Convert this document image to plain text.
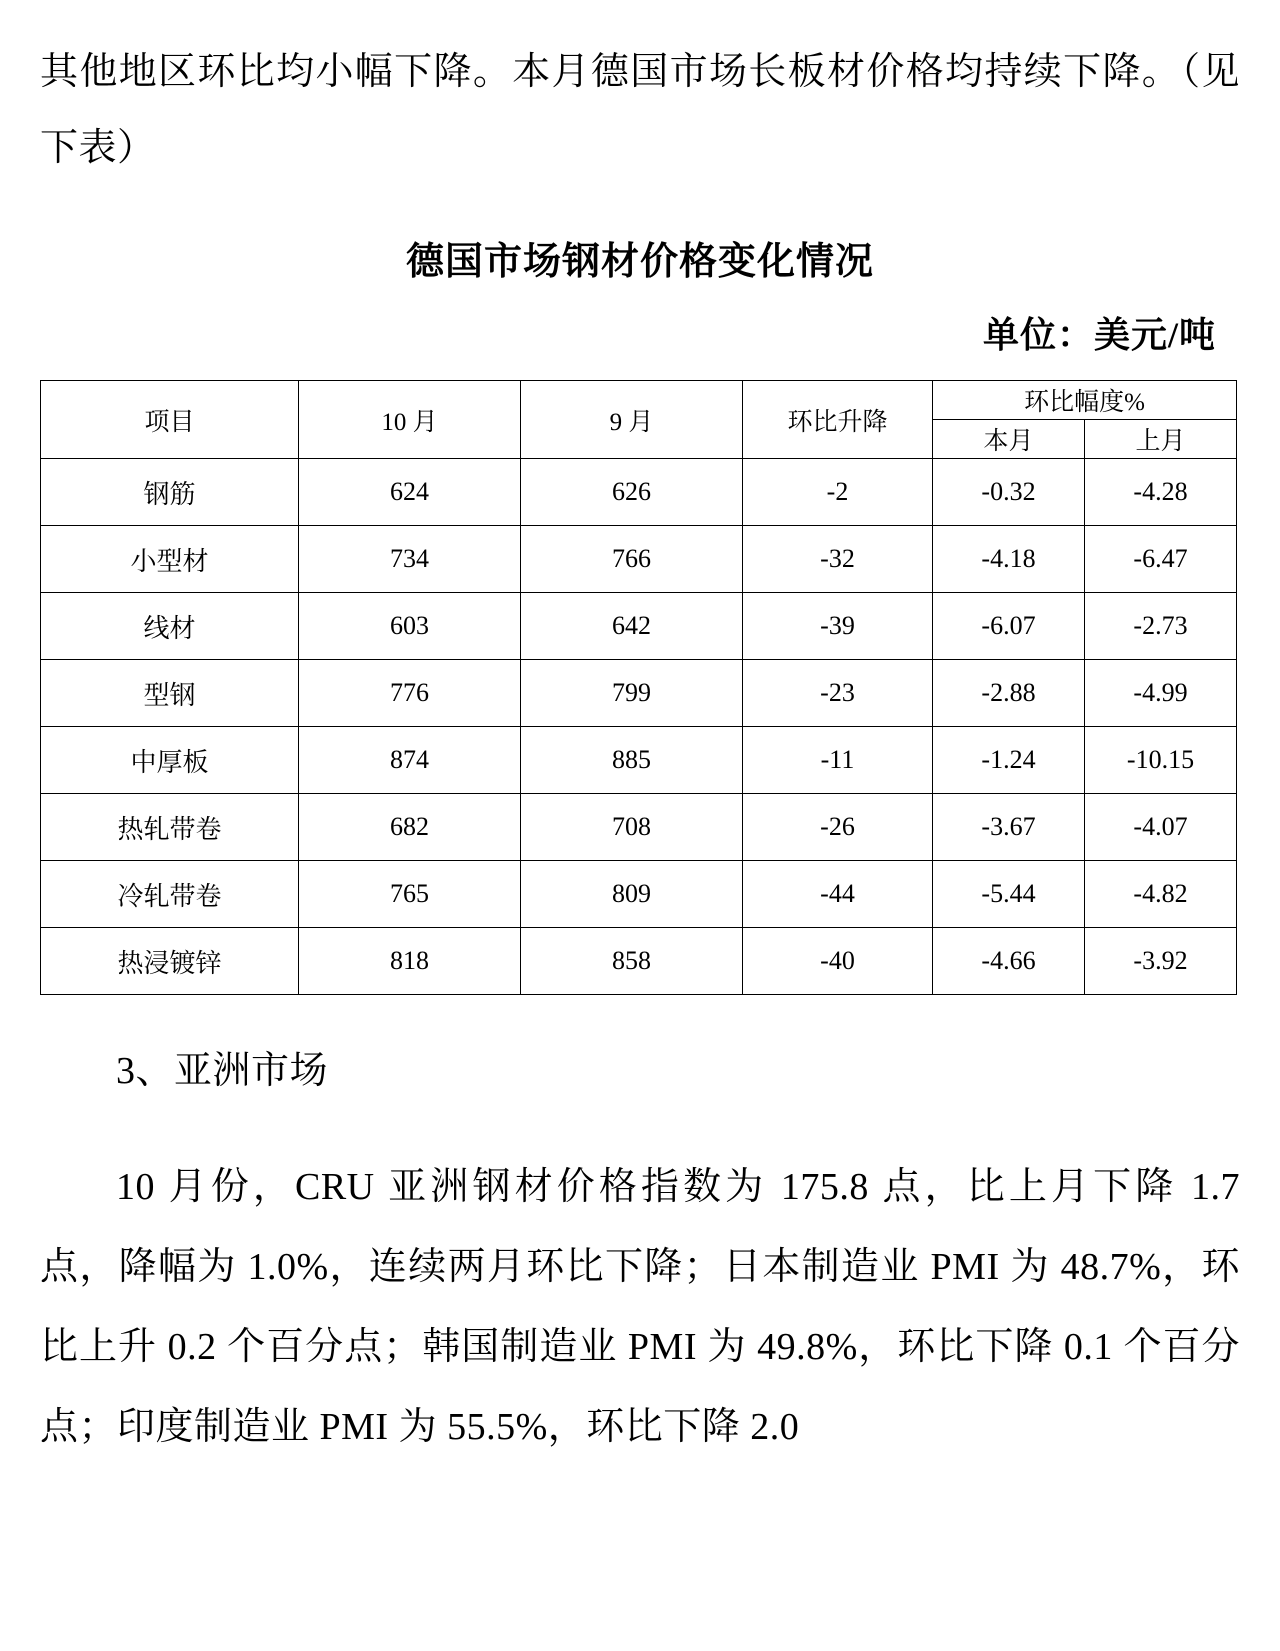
其他地区环比均小幅下降。本月德国市场长板材价格均持续下降。（见下表）

德国市场钢材价格变化情况
单位：美元/吨
项目	10 月	9 月	环比升降	环比幅度%	
				本月	上月
钢筋	624	626	-2	-0.32	-4.28
小型材	734	766	-32	-4.18	-6.47
线材	603	642	-39	-6.07	-2.73
型钢	776	799	-23	-2.88	-4.99
中厚板	874	885	-11	-1.24	-10.15
热轧带卷	682	708	-26	-3.67	-4.07
冷轧带卷	765	809	-44	-5.44	-4.82
热浸镀锌	818	858	-40	-4.66	-3.92

3、亚洲市场

10 月份，CRU 亚洲钢材价格指数为 175.8 点，比上月下降 1.7 点，降幅为 1.0%，连续两月环比下降；日本制造业 PMI 为 48.7%，环比上升 0.2 个百分点；韩国制造业 PMI 为 49.8%，环比下降 0.1 个百分点；印度制造业 PMI 为 55.5%，环比下降 2.0
